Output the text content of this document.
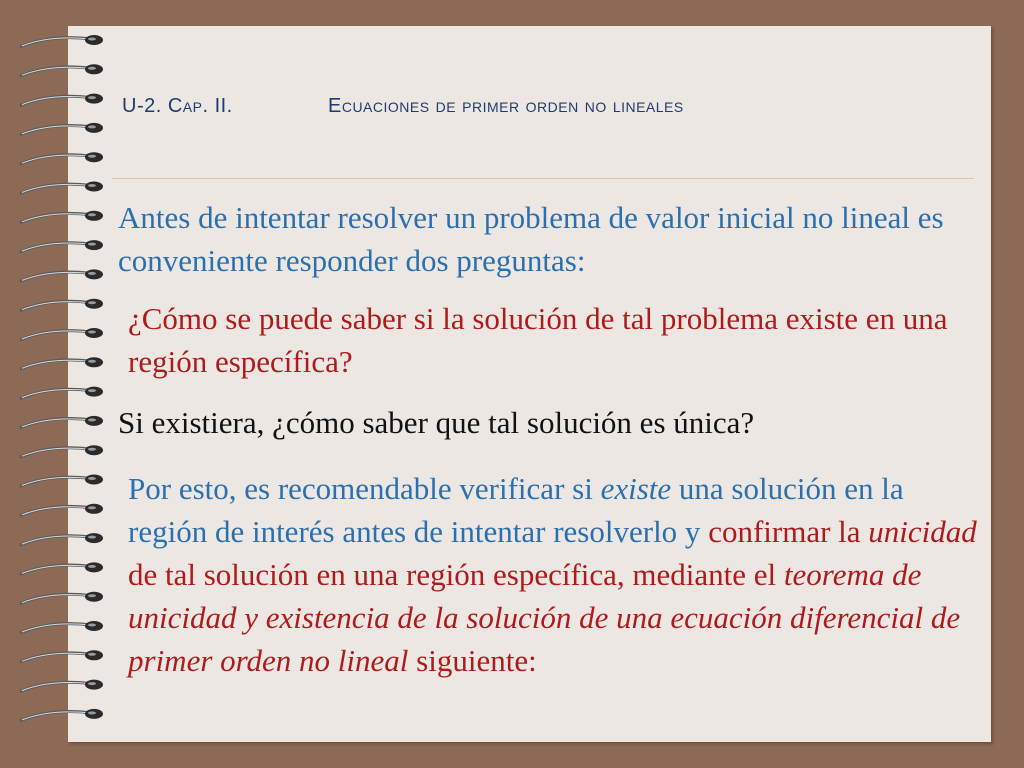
U-2. Cap. II.	Ecuaciones de primer orden no lineales

Antes de intentar resolver un problema de valor inicial no lineal es conveniente responder dos preguntas:

¿Cómo se puede saber si la solución de tal problema existe en una región específica?

Si existiera, ¿cómo saber que tal solución es única?

Por esto, es recomendable verificar si existe una solución en la región de interés antes de intentar resolverlo y confirmar la unicidad de tal solución en una región específica, mediante el teorema de unicidad y existencia de la solución de una ecuación diferencial de primer orden no lineal siguiente:
